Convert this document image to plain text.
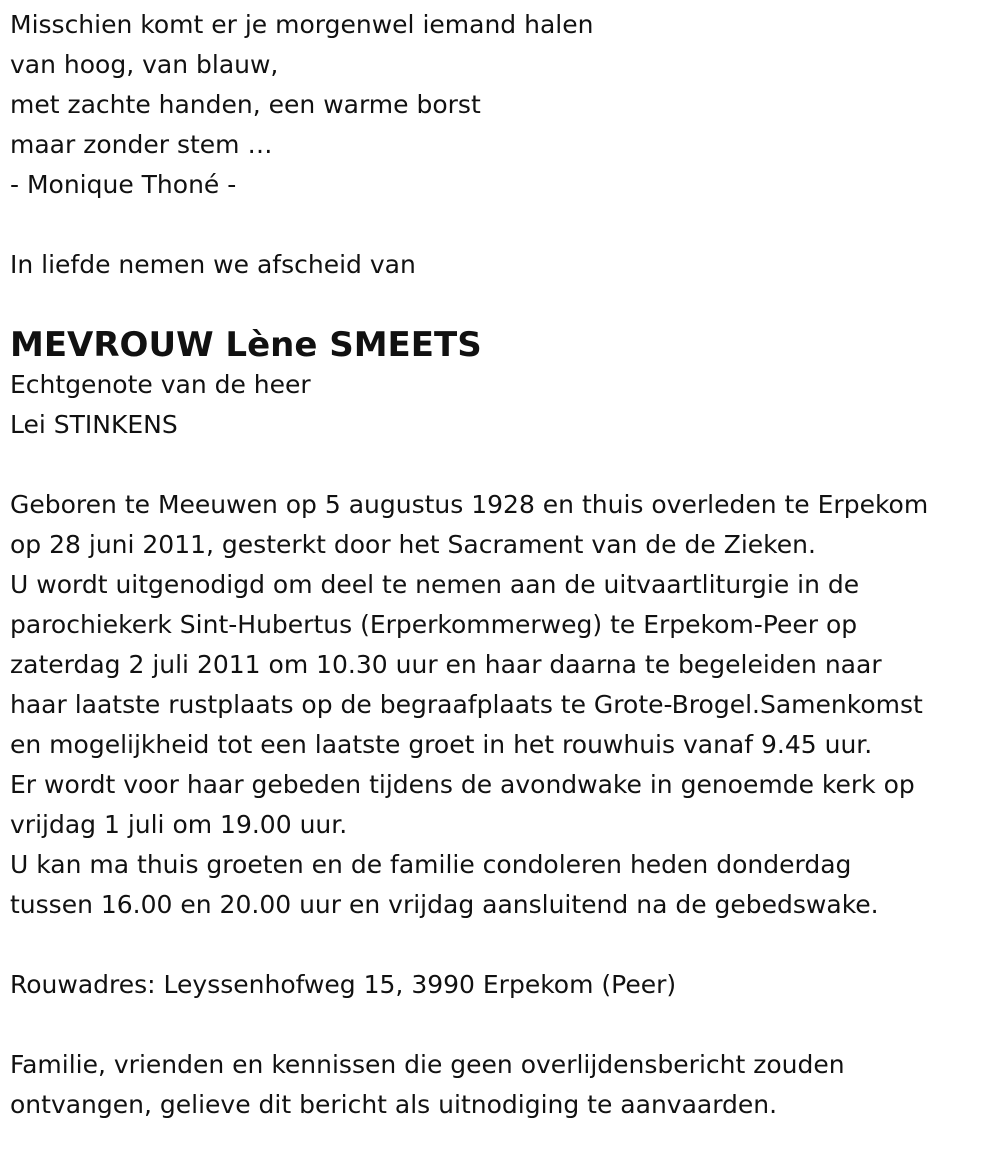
Misschien komt er je morgenwel iemand halen
van hoog, van blauw,
met zachte handen, een warme borst
maar zonder stem …
- Monique Thoné -
In liefde nemen we afscheid van
MEVROUW Lène SMEETS
Echtgenote van de heer
Lei STINKENS
Geboren te Meeuwen op 5 augustus 1928 en thuis overleden te Erpekom
op 28 juni 2011, gesterkt door het Sacrament van de de Zieken.
U wordt uitgenodigd om deel te nemen aan de uitvaartliturgie in de
parochiekerk Sint-Hubertus (Erperkommerweg) te Erpekom-Peer op
zaterdag 2 juli 2011 om 10.30 uur en haar daarna te begeleiden naar
haar laatste rustplaats op de begraafplaats te Grote-Brogel.Samenkomst
en mogelijkheid tot een laatste groet in het rouwhuis vanaf 9.45 uur.
Er wordt voor haar gebeden tijdens de avondwake in genoemde kerk op
vrijdag 1 juli om 19.00 uur.
U kan ma thuis groeten en de familie condoleren heden donderdag
tussen 16.00 en 20.00 uur en vrijdag aansluitend na de gebedswake.
Rouwadres: Leyssenhofweg 15, 3990 Erpekom (Peer)
Familie, vrienden en kennissen die geen overlijdensbericht zouden
ontvangen, gelieve dit bericht als uitnodiging te aanvaarden.
